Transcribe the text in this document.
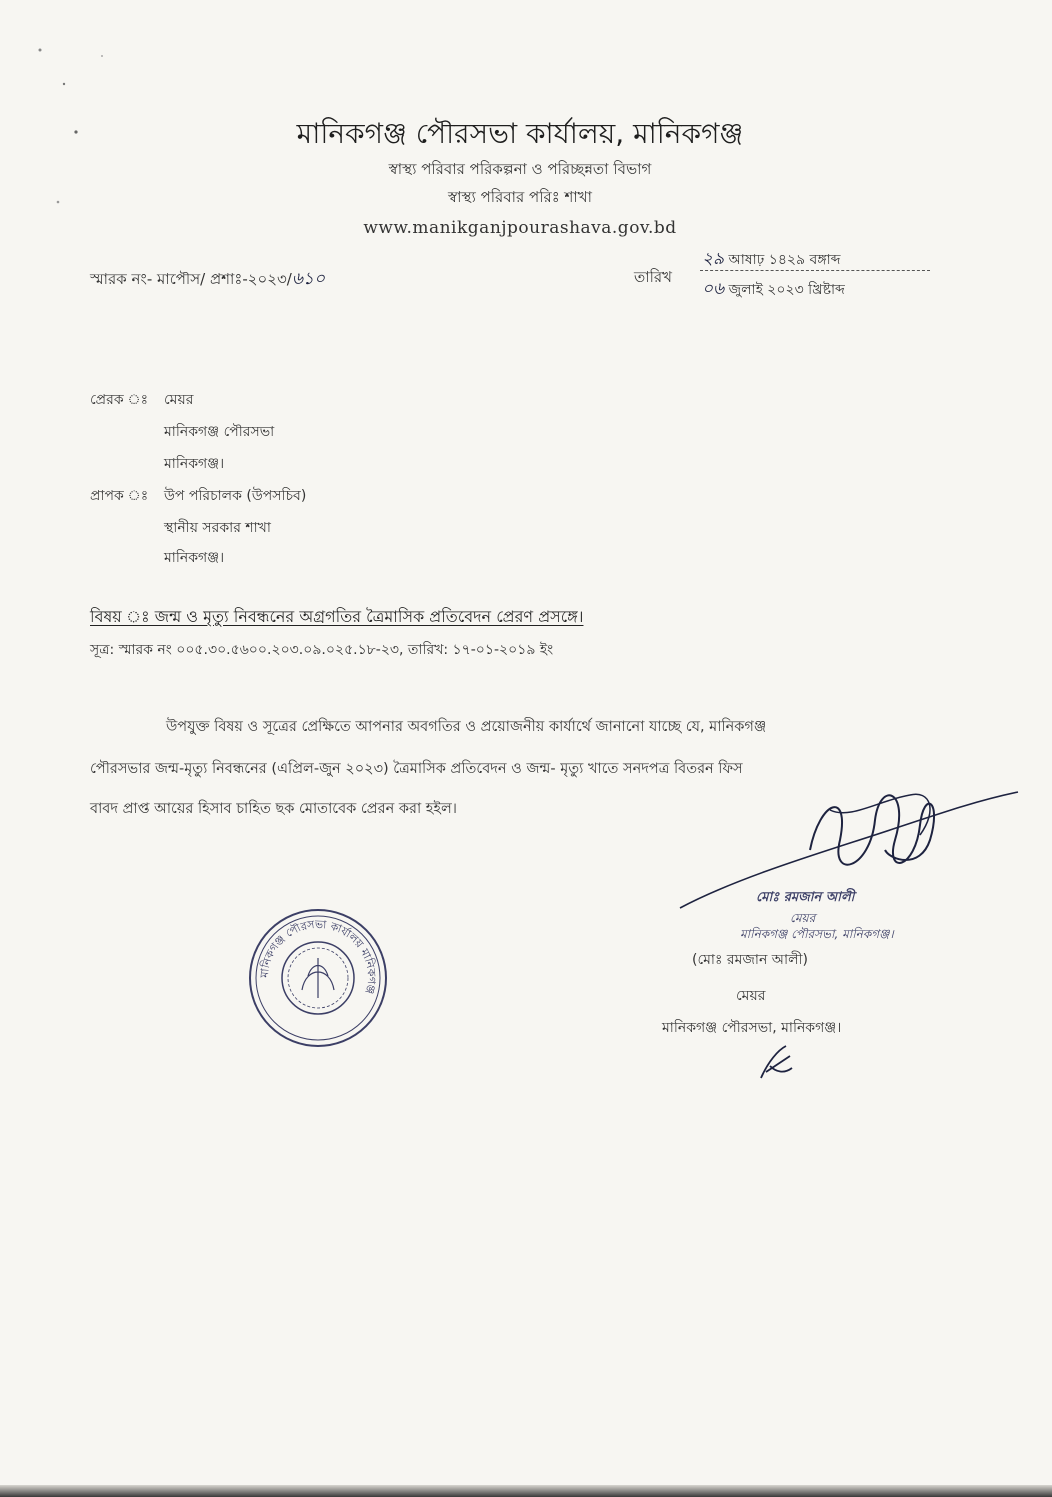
মানিকগঞ্জ পৌরসভা কার্যালয়, মানিকগঞ্জ
স্বাস্থ্য পরিবার পরিকল্পনা ও পরিচ্ছন্নতা বিভাগ
স্বাস্থ্য পরিবার পরিঃ শাখা
www.manikganjpourashava.gov.bd
স্মারক নং- মাপৌস/ প্রশাঃ-২০২৩/৬১০	তারিখ
২৯ আষাঢ় ১৪২৯ বঙ্গাব্দ
০৬ জুলাই ২০২৩ খ্রিষ্টাব্দ
প্রেরক ঃ মেয়র
মানিকগঞ্জ পৌরসভা
মানিকগঞ্জ।
প্রাপক ঃ উপ পরিচালক (উপসচিব)
স্থানীয় সরকার শাখা
মানিকগঞ্জ।
বিষয় ঃ জন্ম ও মৃত্যু নিবন্ধনের অগ্রগতির ত্রৈমাসিক প্রতিবেদন প্রেরণ প্রসঙ্গে।
সূত্র: স্মারক নং ০০৫.৩০.৫৬০০.২০৩.০৯.০২৫.১৮-২৩, তারিখ: ১৭-০১-২০১৯ ইং
উপযুক্ত বিষয় ও সূত্রের প্রেক্ষিতে আপনার অবগতির ও প্রয়োজনীয় কার্যার্থে জানানো যাচ্ছে যে, মানিকগঞ্জ
পৌরসভার জন্ম-মৃত্যু নিবন্ধনের (এপ্রিল-জুন ২০২৩) ত্রৈমাসিক প্রতিবেদন ও জন্ম- মৃত্যু খাতে সনদপত্র বিতরন ফিস
বাবদ প্রাপ্ত আয়ের হিসাব চাহিত ছক মোতাবেক প্রেরন করা হইল।
মোঃ রমজান আলী
মেয়র
মানিকগঞ্জ পৌরসভা, মানিকগঞ্জ।
(মোঃ রমজান আলী)
মেয়র
মানিকগঞ্জ পৌরসভা, মানিকগঞ্জ।
মানিকগঞ্জ পৌরসভা কার্যালয় মানিকগঞ্জ
